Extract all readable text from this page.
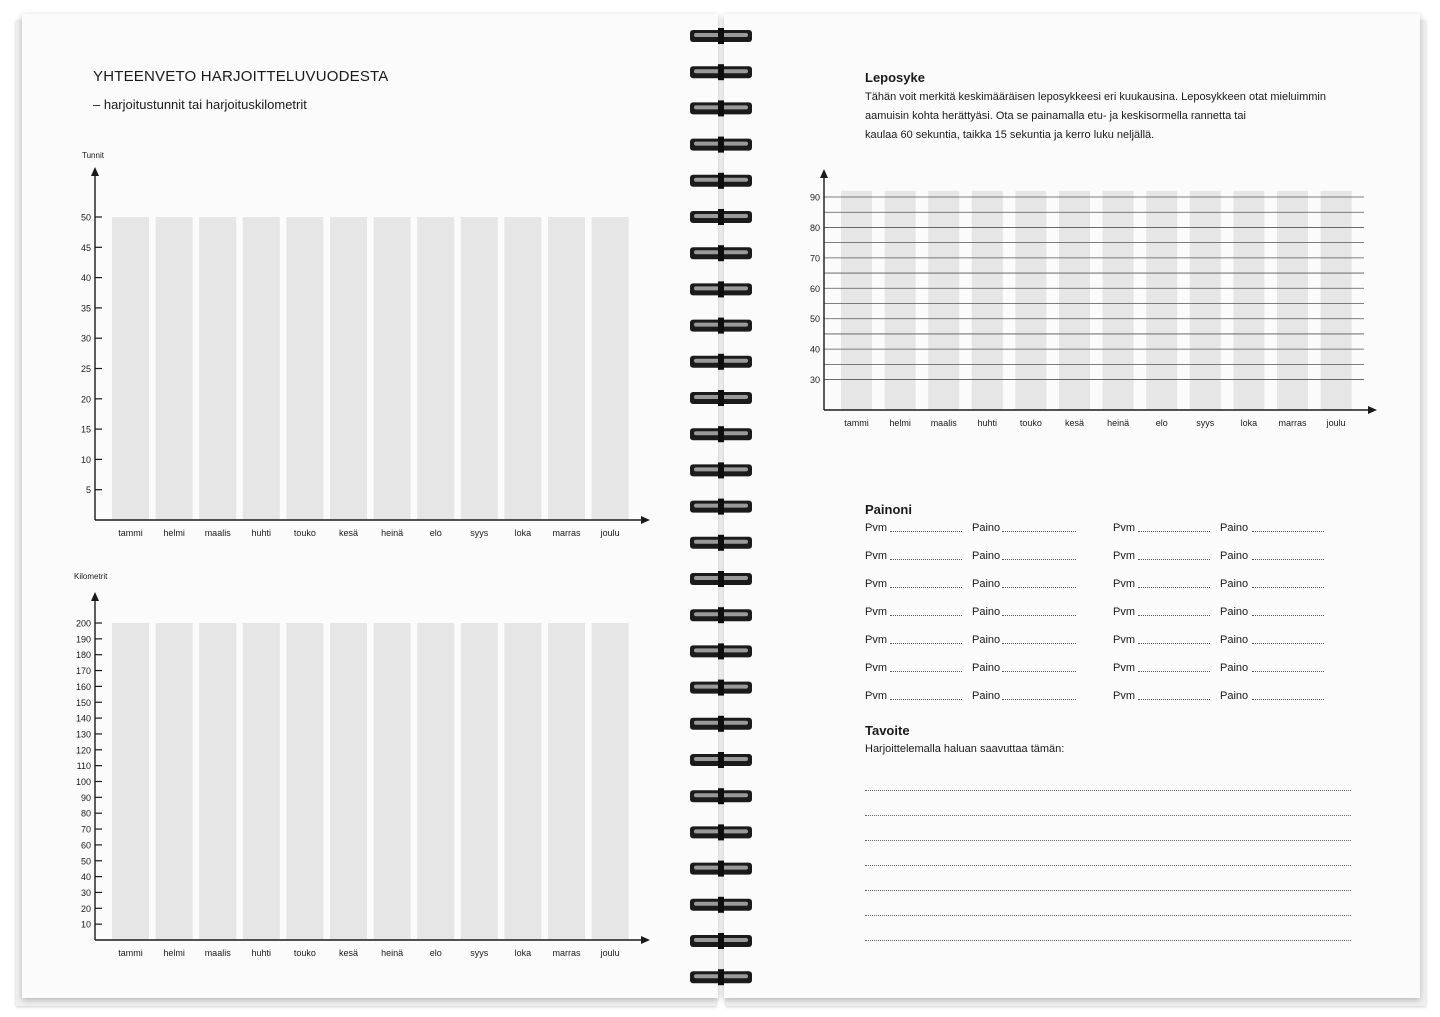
YHTEENVETO HARJOITTELUVUODESTA
– harjoitustunnit tai harjoituskilometrit
5
10
15
20
25
30
35
40
45
50
tammi helmi maalis huhti	touko	kesä	heinä	elo	syys	loka marras joulu
Tunnit
10
20
30
40
50
60
70
80
90
100
110
120
130
140
150
160
170
180
190
200
tammi helmi maalis huhti	touko	kesä	heinä	elo	syys	loka marras joulu
Kilometrit
Leposyke
Tähän voit merkitä keskimääräisen leposykkeesi eri kuukausina. Leposykkeen otat mieluimmin
aamuisin kohta herättyäsi. Ota se painamalla etu- ja keskisormella rannetta tai
kaulaa 60 sekuntia, taikka 15 sekuntia ja kerro luku neljällä.
30
40
50
60
70
80
90
tammi helmi maalis huhti	touko	kesä	heinä	elo	syys	loka marras joulu
Painoni
Pvm	Paino	Pvm	Paino
Pvm	Paino	Pvm	Paino
Pvm	Paino	Pvm	Paino
Pvm	Paino	Pvm	Paino
Pvm	Paino	Pvm	Paino
Pvm	Paino	Pvm	Paino
Pvm	Paino	Pvm	Paino
Tavoite
Harjoittelemalla haluan saavuttaa tämän:
